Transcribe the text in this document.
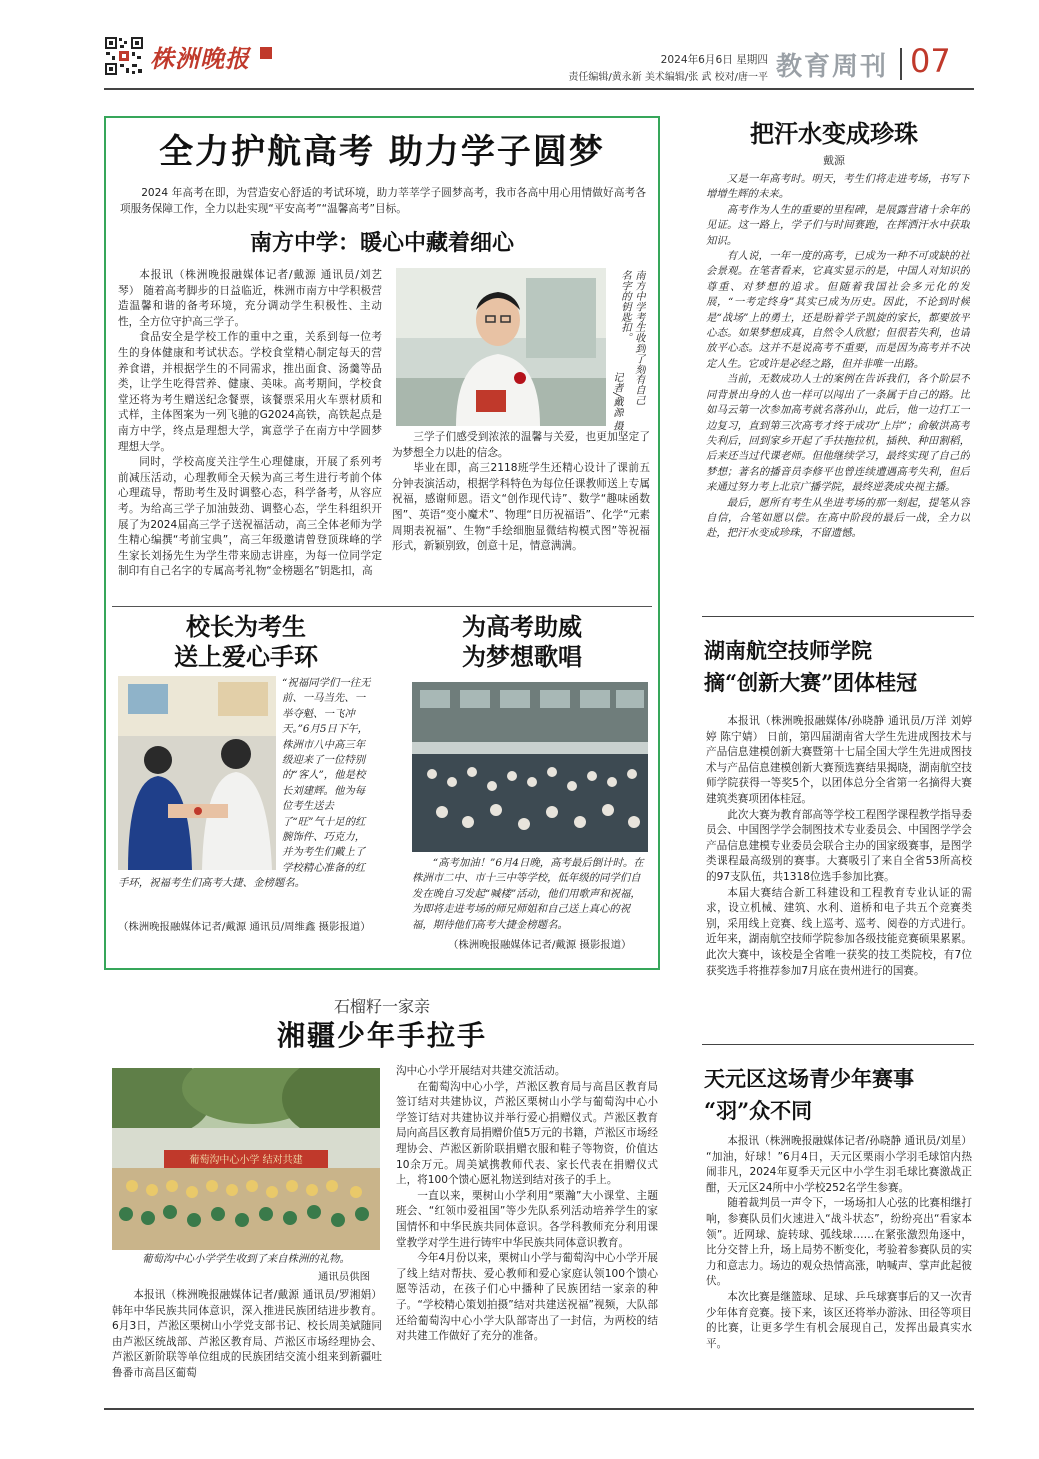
株洲晚报	2024年6月6日 星期四
责任编辑/黄永新 美术编辑/张 武 校对/唐一平 教育周刊 07
全力护航高考 助力学子圆梦
2024 年高考在即，为营造安心舒适的考试环境，助力莘莘学子圆梦高考，我市各高中用心用情做好高考各项服务保障工作，全力以赴实现“平安高考”“温馨高考”目标。
南方中学：暖心中藏着细心

本报讯（株洲晚报融媒体记者/戴源 通讯员/刘艺琴） 随着高考脚步的日益临近，株洲市南方中学积极营造温馨和谐的备考环境，充分调动学生积极性、主动性，全方位守护高三学子。

食品安全是学校工作的重中之重，关系到每一位考生的身体健康和考试状态。学校食堂精心制定每天的营养食谱，并根据学生的不同需求，推出面食、汤羹等品类，让学生吃得营养、健康、美味。高考期间，学校食堂还将为考生赠送纪念餐票，该餐票采用火车票材质和式样，主体图案为一列飞驰的G2024高铁，高铁起点是南方中学，终点是理想大学，寓意学子在南方中学圆梦理想大学。

同时，学校高度关注学生心理健康，开展了系列考前减压活动，心理教师全天候为高三考生进行考前个体心理疏导，帮助考生及时调整心态，科学备考，从容应考。为给高三学子加油鼓劲、调整心态，学生科组织开展了为2024届高三学子送祝福活动，高三全体老师为学生精心编撰“考前宝典”，高三年级邀请曾登顶珠峰的学生家长刘扬先生为学生带来励志讲座，为每一位同学定制印有自己名字的专属高考礼物“金榜题名”钥匙扣，高

南方中学考生收到了刻有自己名字的钥匙扣。
记者/戴源 摄

三学子们感受到浓浓的温馨与关爱，也更加坚定了为梦想全力以赴的信念。

毕业在即，高三2118班学生还精心设计了课前五分钟表演活动，根据学科特色为每位任课教师送上专属祝福，感谢师恩。语文“创作现代诗”、数学“趣味函数图”、英语“变小魔术”、物理“日历祝福语”、化学“元素周期表祝福”、生物“手绘细胞显微结构模式图”等祝福形式，新颖别致，创意十足，情意满满。

校长为考生
送上爱心手环
“祝福同学们一往无前、一马当先、一举夺魁、一飞冲天。”6月5日下午，株洲市八中高三年级迎来了一位特别的“客人”，他是校长刘建辉。他为每位考生送去了“旺”气十足的红腕饰件、巧克力，并为考生们戴上了学校精心准备的红手环，祝福考生们高考大捷、金榜题名。
（株洲晚报融媒体记者/戴源 通讯员/周维鑫 摄影报道）
为高考助威
为梦想歌唱
“高考加油！”6月4日晚，高考最后倒计时。在株洲市二中、市十三中等学校，低年级的同学们自发在晚自习发起“喊楼”活动，他们用歌声和祝福，为即将走进考场的师兄师姐和自己送上真心的祝福，期待他们高考大捷金榜题名。
（株洲晚报融媒体记者/戴源 摄影报道）
把汗水变成珍珠
戴源

又是一年高考时。明天，考生们将走进考场，书写下增增生辉的未来。

高考作为人生的重要的里程碑，是展露营诸十余年的见证。这一路上，学子们与时间赛跑，在挥洒汗水中获取知识。

有人说，一年一度的高考，已成为一种不可或缺的社会景观。在笔者看来，它真实显示的是，中国人对知识的尊重、对梦想的追求。但随着我国社会多元化的发展，“一考定终身”其实已成为历史。因此，不论到时候是“战场”上的勇士，还是盼着学子凯旋的家长，都要放平心态。如果梦想成真，自然令人欣慰；但很若失利，也请放平心态。这并不是说高考不重要，而是因为高考并不决定人生。它或许是必经之路，但并非唯一出路。

当前，无数成功人士的案例在告诉我们，各个阶层不同背景出身的人也一样可以闯出了一条属于自己的路。比如马云第一次参加高考就名落孙山，此后，他一边打工一边复习，直到第三次高考才终于成功“上岸”；俞敏洪高考失利后，回到家乡开起了手扶拖拉机，插秧、种田割稻，后来还当过代课老师。但他继续学习，最终实现了自己的梦想；著名的播音员李修平也曾连续遭遇高考失利，但后来通过努力考上北京广播学院，最终逆袭成央视主播。

最后，愿所有考生从坐进考场的那一刻起，提笔从容自信，合笔如愿以偿。在高中阶段的最后一战，全力以赴，把汗水变成珍珠，不留遗憾。

湖南航空技师学院
摘“创新大赛”团体桂冠

本报讯（株洲晚报融媒体/孙晓静 通讯员/万洋 刘婷婷 陈宁婧） 日前，第四届湖南省大学生先进成图技术与产品信息建模创新大赛暨第十七届全国大学生先进成图技术与产品信息建模创新大赛预选赛结果揭晓，湖南航空技师学院获得一等奖5个，以团体总分全省第一名摘得大赛建筑类赛项团体桂冠。

此次大赛为教育部高等学校工程图学课程教学指导委员会、中国图学学会制图技术专业委员会、中国图学学会产品信息建模专业委员会联合主办的国家级赛事，是图学类课程最高级别的赛事。大赛吸引了来自全省53所高校的97支队伍，共1318位选手参加比赛。

本届大赛结合新工科建设和工程教育专业认证的需求，设立机械、建筑、水利、道桥和电子共五个竞赛类别，采用线上竞赛、线上巡考、巡考、阅卷的方式进行。近年来，湖南航空技师学院参加各级技能竞赛硕果累累。此次大赛中，该校是全省唯一获奖的技工类院校，有7位获奖选手将推荐参加7月底在贵州进行的国赛。

石榴籽一家亲
湘疆少年手拉手
葡萄沟中心小学 结对共建
葡萄沟中心小学学生收到了来自株洲的礼物。
通讯员供图

本报讯（株洲晚报融媒体记者/戴源 通讯员/罗湘娟） 韩年中华民族共同体意识，深入推进民族团结进步教育。6月3日，芦淞区栗树山小学党支部书记、校长周美斌随同由芦淞区统战部、芦淞区教育局、芦淞区市场经理协会、芦淞区新阶联等单位组成的民族团结交流小组来到新疆吐鲁番市高昌区葡萄

沟中心小学开展结对共建交流活动。

在葡萄沟中心小学，芦淞区教育局与高昌区教育局签订结对共建协议，芦淞区栗树山小学与葡萄沟中心小学签订结对共建协议并举行爱心捐赠仪式。芦淞区教育局向高昌区教育局捐赠价值5万元的书籍，芦淞区市场经理协会、芦淞区新阶联捐赠衣服和鞋子等物资，价值达10余万元。周美斌携教师代表、家长代表在捐赠仪式上，将100个馈心愿礼物送到结对孩子的手上。

一直以来，栗树山小学利用“栗瀚”大小课堂、主题班会、“红领巾爱祖国”等少先队系列活动培养学生的家国情怀和中华民族共同体意识。各学科教师充分利用课堂教学对学生进行铸牢中华民族共同体意识教育。

今年4月份以来，栗树山小学与葡萄沟中心小学开展了线上结对帮扶、爱心教师和爱心家庭认领100个馈心愿等活动，在孩子们心中播种了民族团结一家亲的种子。“学校精心策划拍摄”结对共建送祝福”视频，大队部还给葡萄沟中心小学大队部寄出了一封信，为两校的结对共建工作做好了充分的准备。

天元区这场青少年赛事
“羽”众不同

本报讯（株洲晚报融媒体记者/孙晓静 通讯员/刘星） “加油，好球！”6月4日，天元区栗雨小学羽毛球馆内热闹非凡，2024年夏季天元区中小学生羽毛球比赛激战正酣，天元区24所中小学校252名学生参赛。

随着裁判员一声令下，一场场扣人心弦的比赛相继打响，参赛队员们火速进入“战斗状态”，纷纷亮出“看家本领”。近网球、旋转球、弧线球……在紧张激烈角逐中，比分交替上升，场上局势不断变化，考验着参赛队员的实力和意志力。场边的观众热情高涨，呐喊声、掌声此起彼伏。

本次比赛是继篮球、足球、乒乓球赛事后的又一次青少年体育竞赛。接下来，该区还将举办游泳、田径等项目的比赛，让更多学生有机会展现自己，发挥出最真实水平。
